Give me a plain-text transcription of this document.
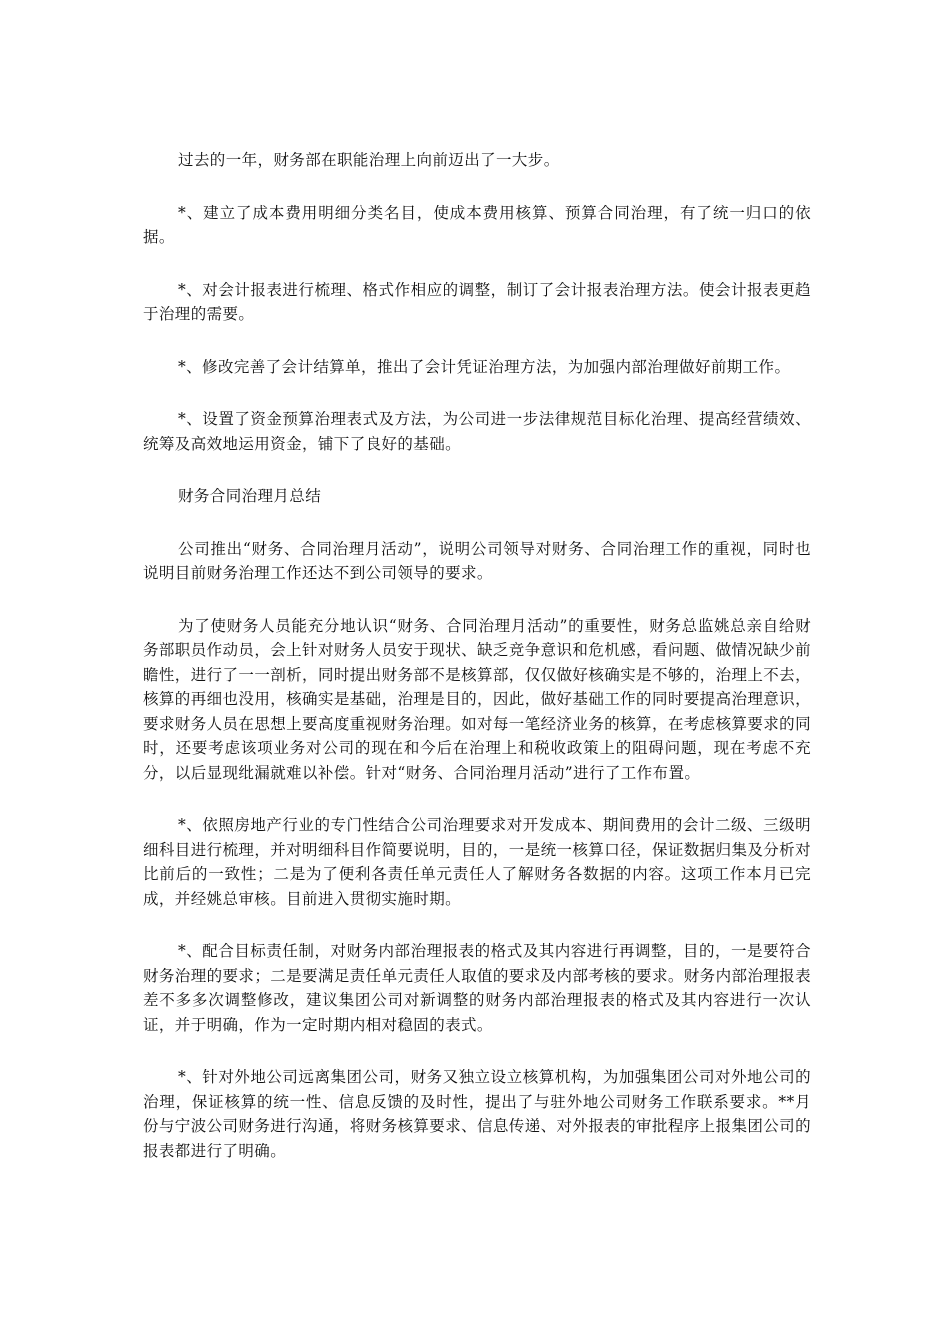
过去的一年，财务部在职能治理上向前迈出了一大步。

*、建立了成本费用明细分类名目，使成本费用核算、预算合同治理，有了统一归口的依据。

*、对会计报表进行梳理、格式作相应的调整，制订了会计报表治理方法。使会计报表更趋于治理的需要。

*、修改完善了会计结算单，推出了会计凭证治理方法，为加强内部治理做好前期工作。

*、设置了资金预算治理表式及方法，为公司进一步法律规范目标化治理、提高经营绩效、统筹及高效地运用资金，铺下了良好的基础。

财务合同治理月总结

公司推出“财务、合同治理月活动”，说明公司领导对财务、合同治理工作的重视，同时也说明目前财务治理工作还达不到公司领导的要求。

为了使财务人员能充分地认识“财务、合同治理月活动”的重要性，财务总监姚总亲自给财务部职员作动员，会上针对财务人员安于现状、缺乏竞争意识和危机感，看问题、做情况缺少前瞻性，进行了一一剖析，同时提出财务部不是核算部，仅仅做好核确实是不够的，治理上不去，核算的再细也没用，核确实是基础，治理是目的，因此，做好基础工作的同时要提高治理意识，要求财务人员在思想上要高度重视财务治理。如对每一笔经济业务的核算，在考虑核算要求的同时，还要考虑该项业务对公司的现在和今后在治理上和税收政策上的阻碍问题，现在考虑不充分，以后显现纰漏就难以补偿。针对“财务、合同治理月活动”进行了工作布置。

*、依照房地产行业的专门性结合公司治理要求对开发成本、期间费用的会计二级、三级明细科目进行梳理，并对明细科目作简要说明，目的，一是统一核算口径，保证数据归集及分析对比前后的一致性；二是为了便利各责任单元责任人了解财务各数据的内容。这项工作本月已完成，并经姚总审核。目前进入贯彻实施时期。

*、配合目标责任制，对财务内部治理报表的格式及其内容进行再调整，目的，一是要符合财务治理的要求；二是要满足责任单元责任人取值的要求及内部考核的要求。财务内部治理报表差不多多次调整修改，建议集团公司对新调整的财务内部治理报表的格式及其内容进行一次认证，并于明确，作为一定时期内相对稳固的表式。

*、针对外地公司远离集团公司，财务又独立设立核算机构，为加强集团公司对外地公司的治理，保证核算的统一性、信息反馈的及时性，提出了与驻外地公司财务工作联系要求。**月份与宁波公司财务进行沟通，将财务核算要求、信息传递、对外报表的审批程序上报集团公司的报表都进行了明确。
